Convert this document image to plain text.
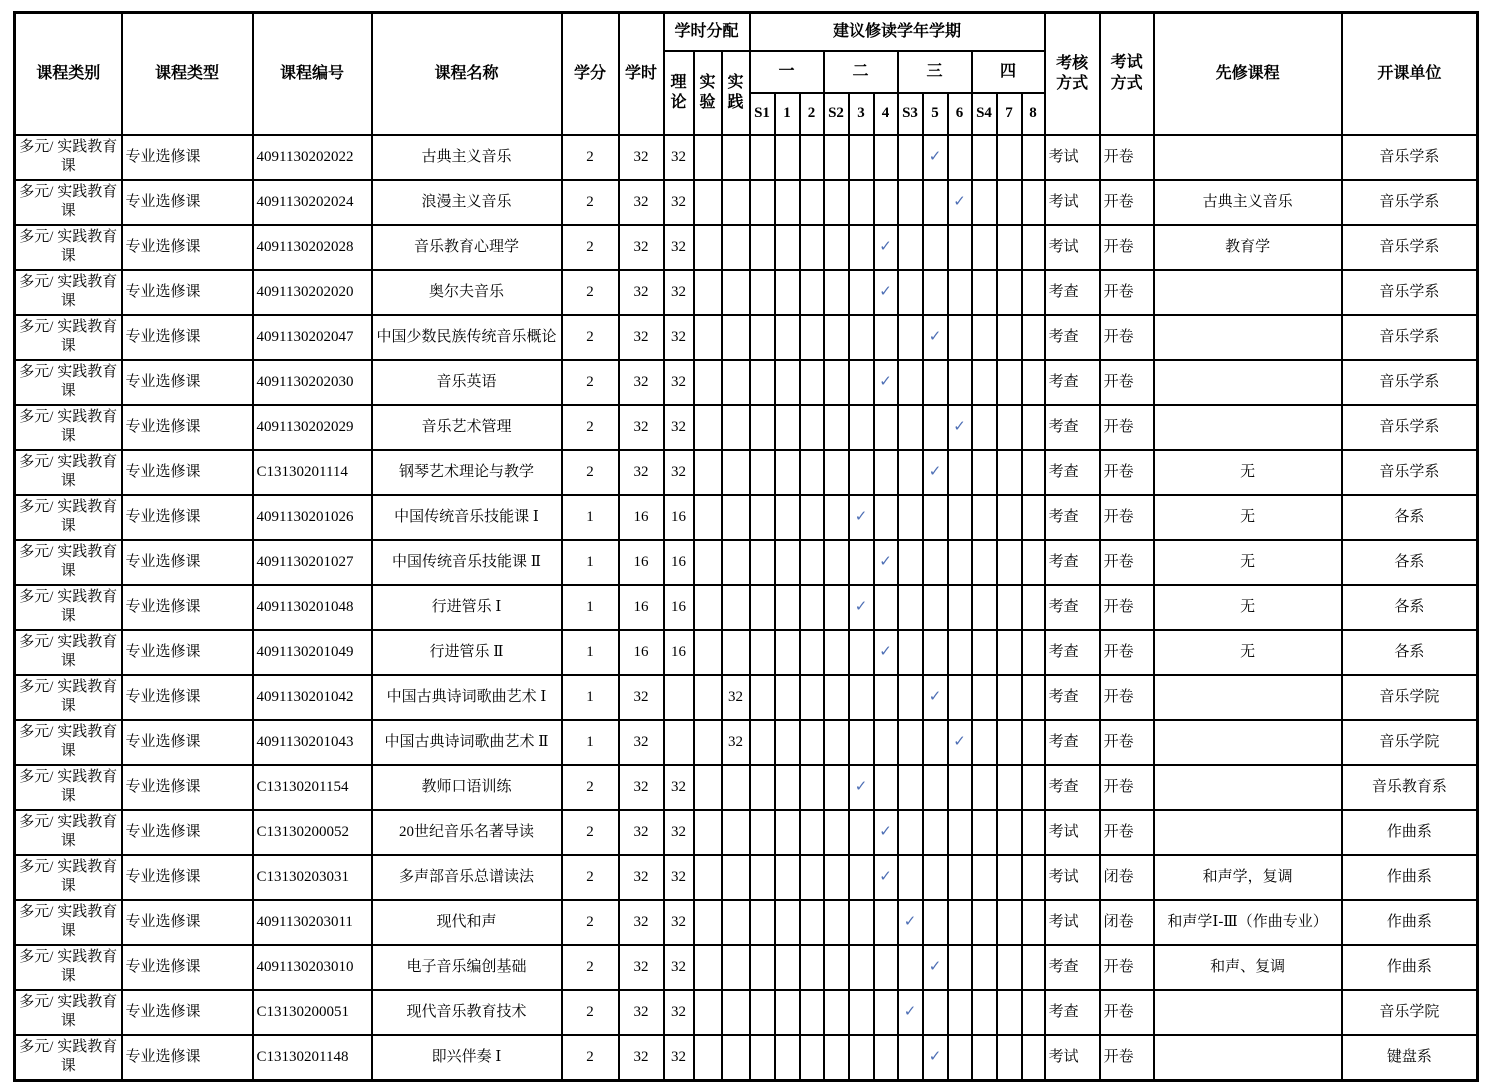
课程类别	课程类型	课程编号	课程名称	学分	学时	学时分配			建议修读学年学期												考核方式	考试方式	先修课程	开课单位
						理论	实验	实践	一			二			三			四						
									S1	1	2	S2	3	4	S3	5	6	S4	7	8				
多元/ 实践教育课	专业选修课	4091130202022	古典主义音乐	2	32	32										✓					考试	开卷		音乐学系
多元/ 实践教育课	专业选修课	4091130202024	浪漫主义音乐	2	32	32											✓				考试	开卷	古典主义音乐	音乐学系
多元/ 实践教育课	专业选修课	4091130202028	音乐教育心理学	2	32	32								✓							考试	开卷	教育学	音乐学系
多元/ 实践教育课	专业选修课	4091130202020	奥尔夫音乐	2	32	32								✓							考查	开卷		音乐学系
多元/ 实践教育课	专业选修课	4091130202047	中国少数民族传统音乐概论	2	32	32										✓					考查	开卷		音乐学系
多元/ 实践教育课	专业选修课	4091130202030	音乐英语	2	32	32								✓							考查	开卷		音乐学系
多元/ 实践教育课	专业选修课	4091130202029	音乐艺术管理	2	32	32											✓				考查	开卷		音乐学系
多元/ 实践教育课	专业选修课	C13130201114	钢琴艺术理论与教学	2	32	32										✓					考查	开卷	无	音乐学系
多元/ 实践教育课	专业选修课	4091130201026	中国传统音乐技能课 Ⅰ	1	16	16							✓								考查	开卷	无	各系
多元/ 实践教育课	专业选修课	4091130201027	中国传统音乐技能课 Ⅱ	1	16	16								✓							考查	开卷	无	各系
多元/ 实践教育课	专业选修课	4091130201048	行进管乐 Ⅰ	1	16	16							✓								考查	开卷	无	各系
多元/ 实践教育课	专业选修课	4091130201049	行进管乐 Ⅱ	1	16	16								✓							考查	开卷	无	各系
多元/ 实践教育课	专业选修课	4091130201042	中国古典诗词歌曲艺术 Ⅰ	1	32			32								✓					考查	开卷		音乐学院
多元/ 实践教育课	专业选修课	4091130201043	中国古典诗词歌曲艺术 Ⅱ	1	32			32									✓				考查	开卷		音乐学院
多元/ 实践教育课	专业选修课	C13130201154	教师口语训练	2	32	32							✓								考查	开卷		音乐教育系
多元/ 实践教育课	专业选修课	C13130200052	20世纪音乐名著导读	2	32	32								✓							考试	开卷		作曲系
多元/ 实践教育课	专业选修课	C13130203031	多声部音乐总谱读法	2	32	32								✓							考试	闭卷	和声学，复调	作曲系
多元/ 实践教育课	专业选修课	4091130203011	现代和声	2	32	32									✓						考试	闭卷	和声学Ⅰ-Ⅲ（作曲专业）	作曲系
多元/ 实践教育课	专业选修课	4091130203010	电子音乐编创基础	2	32	32										✓					考查	开卷	和声、复调	作曲系
多元/ 实践教育课	专业选修课	C13130200051	现代音乐教育技术	2	32	32									✓						考查	开卷		音乐学院
多元/ 实践教育课	专业选修课	C13130201148	即兴伴奏 Ⅰ	2	32	32										✓					考试	开卷		键盘系
